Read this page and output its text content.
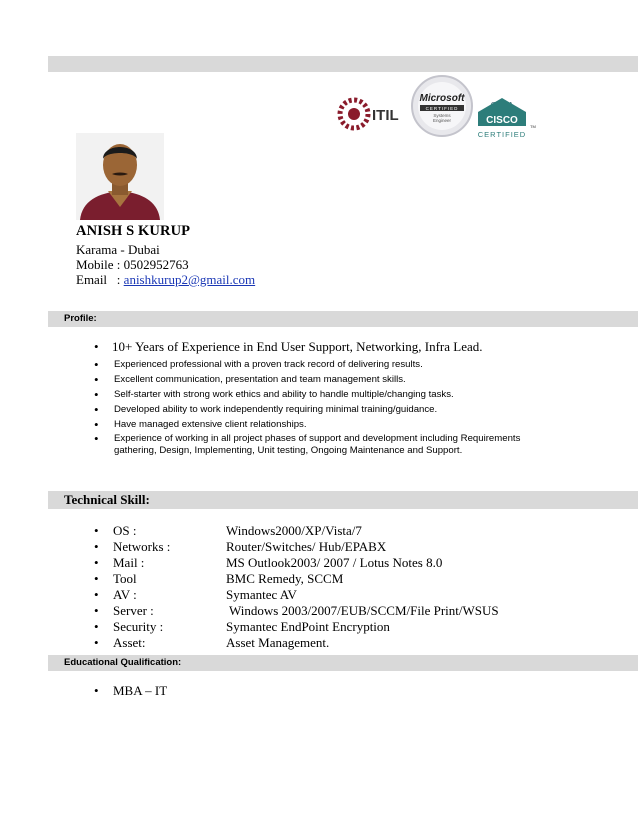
ITIL
Microsoft
CERTIFIED
Systems
Engineer	CISCO
CERTIFIED
TM
ANISH S KURUP
Karama - Dubai
Mobile : 0502952763
Email   : anishkurup2@gmail.com
Profile:
• 10+ Years of Experience in End User Support, Networking, Infra Lead.
• Experienced professional with a proven track record of delivering results.
• Excellent communication, presentation and team management skills.
• Self-starter with strong work ethics and ability to handle multiple/changing tasks.
• Developed ability to work independently requiring minimal training/guidance.
• Have managed extensive client relationships.
• Experience of working in all project phases of support and development including Requirements gathering, Design, Implementing, Unit testing, Ongoing Maintenance and Support.
Technical Skill:
• OS :	Windows2000/XP/Vista/7
• Networks :	Router/Switches/ Hub/EPABX
• Mail :	MS Outlook2003/ 2007 / Lotus Notes 8.0
• Tool	BMC Remedy, SCCM
• AV :	Symantec AV
• Server :	Windows 2003/2007/EUB/SCCM/File Print/WSUS
• Security :	Symantec EndPoint Encryption
• Asset:	Asset Management.
Educational Qualification:
• MBA – IT
